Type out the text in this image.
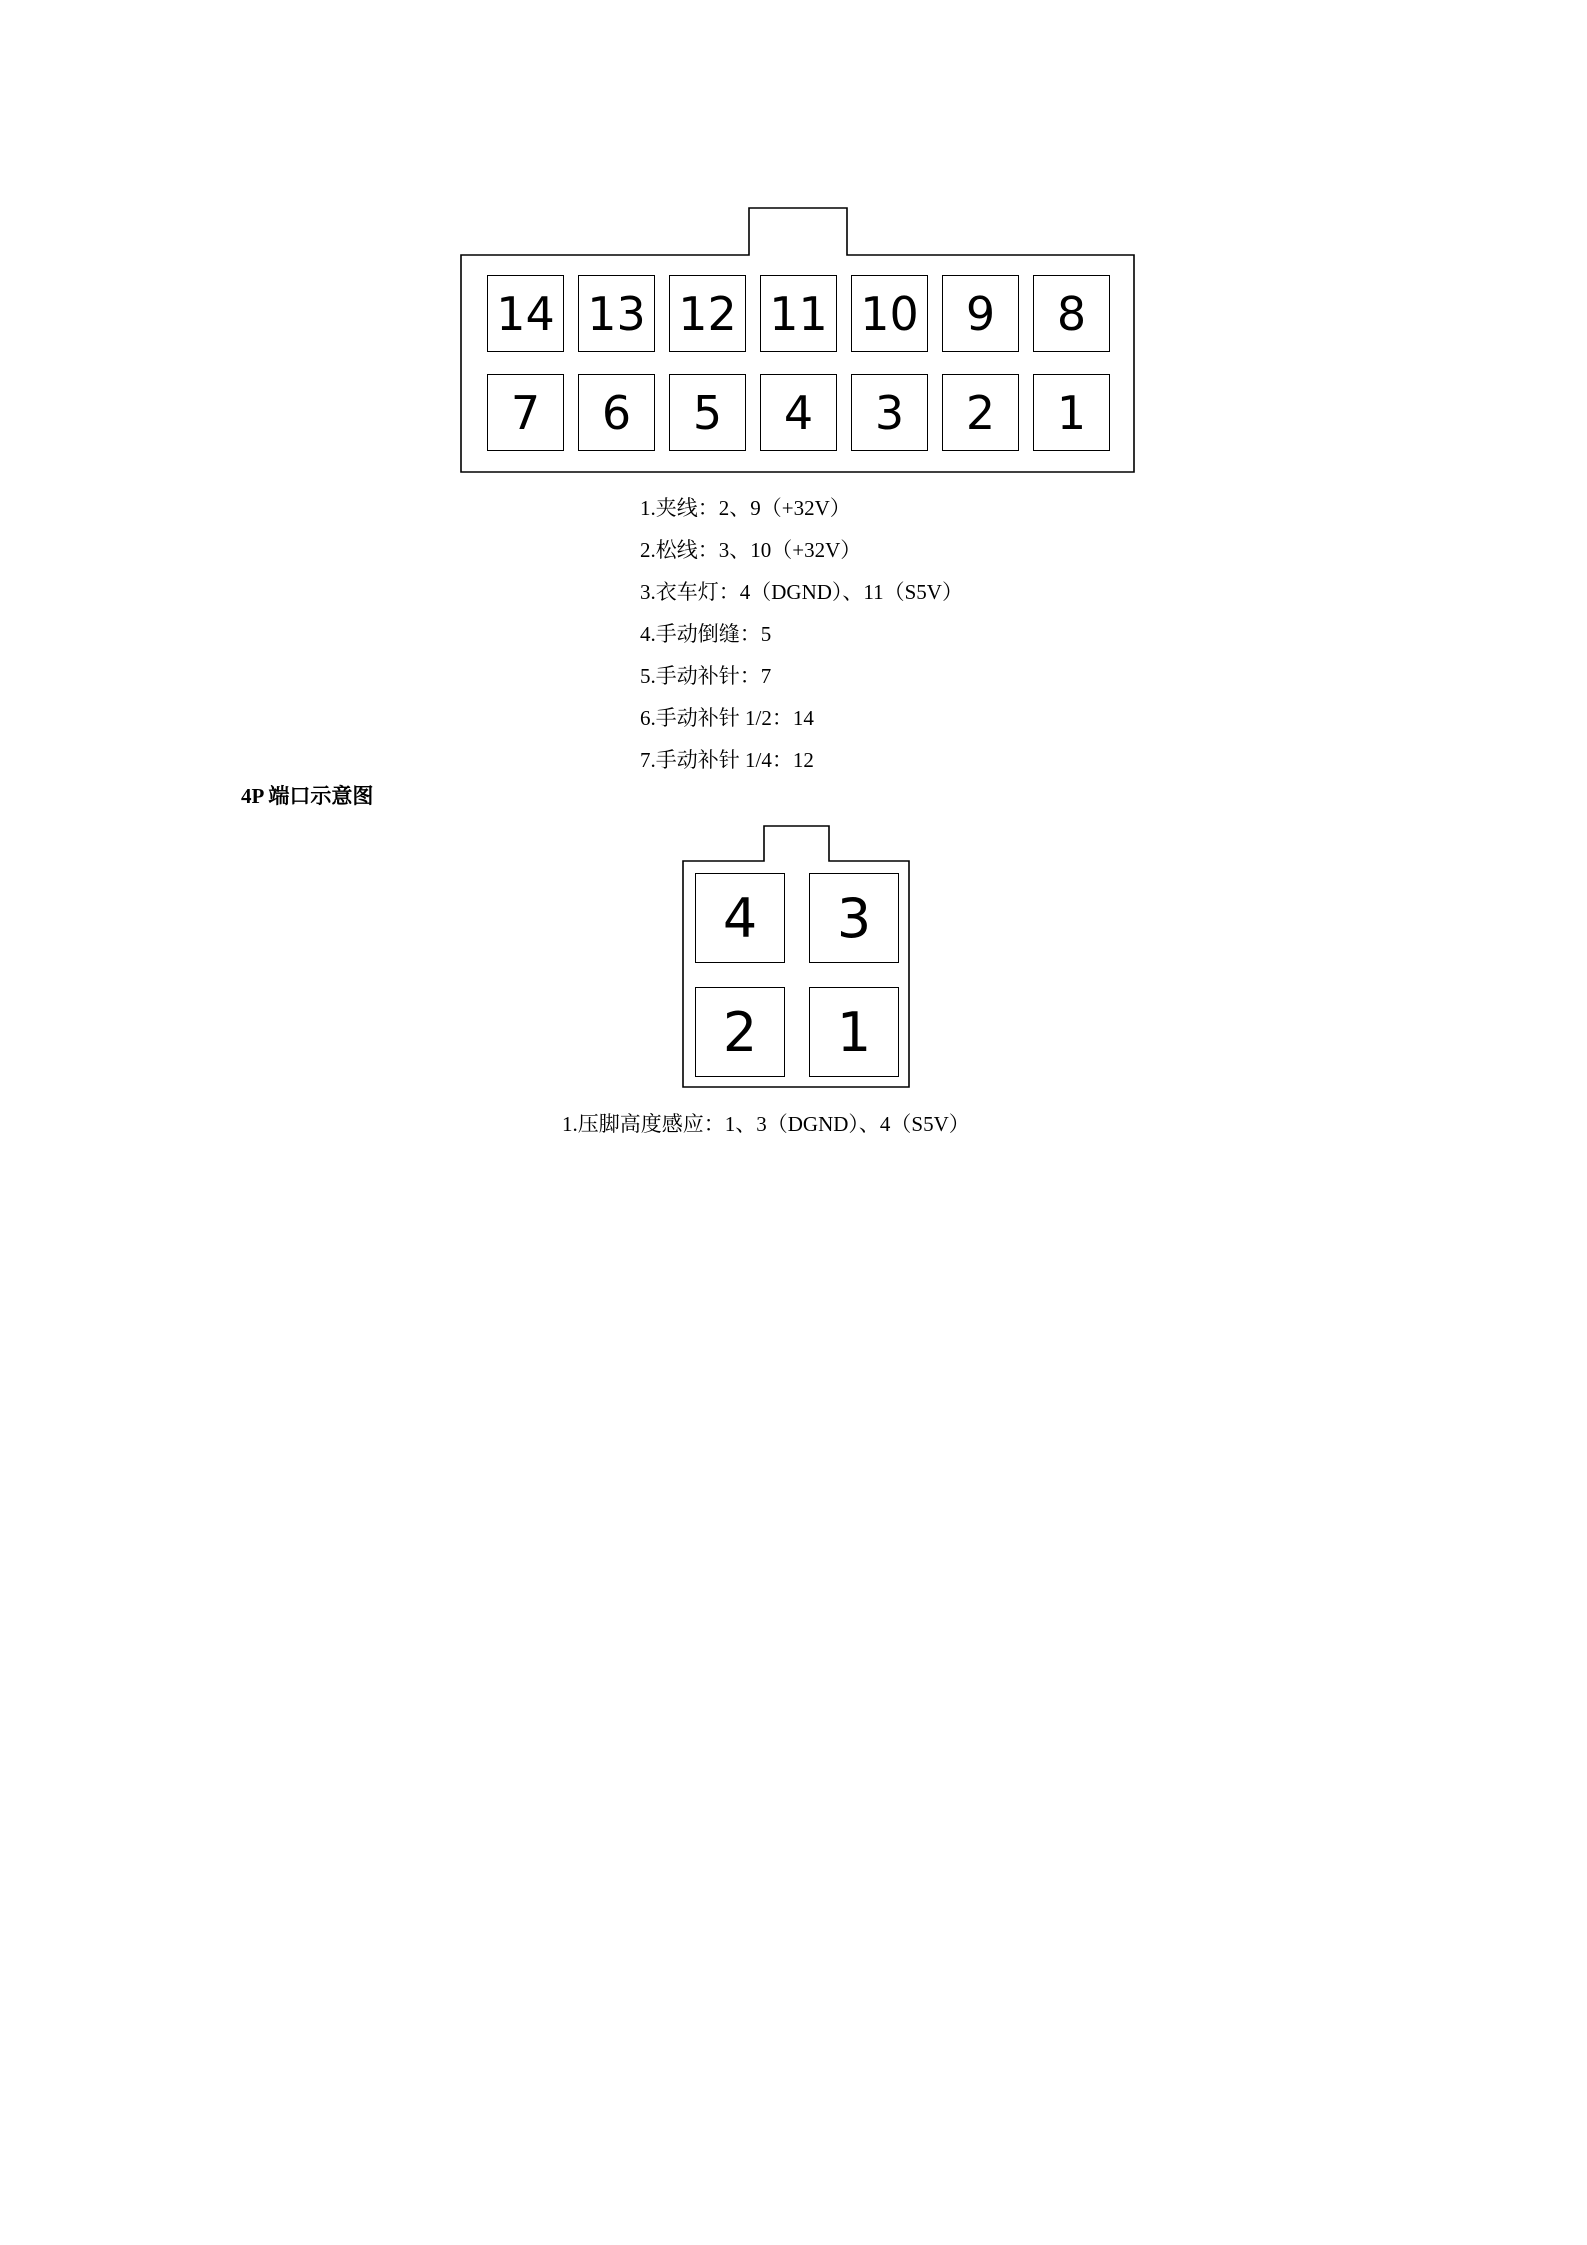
14 13 12 11 10	9	8
7	6	5	4	3	2	1
1.夹线：2、9（+32V）
2.松线：3、10（+32V）
3.衣车灯：4（DGND）、11（S5V）
4.手动倒缝：5
5.手动补针：7
6.手动补针 1/2：14
7.手动补针 1/4：12
4P 端口示意图
4	3
2	1
1.压脚高度感应：1、3（DGND）、4（S5V）
